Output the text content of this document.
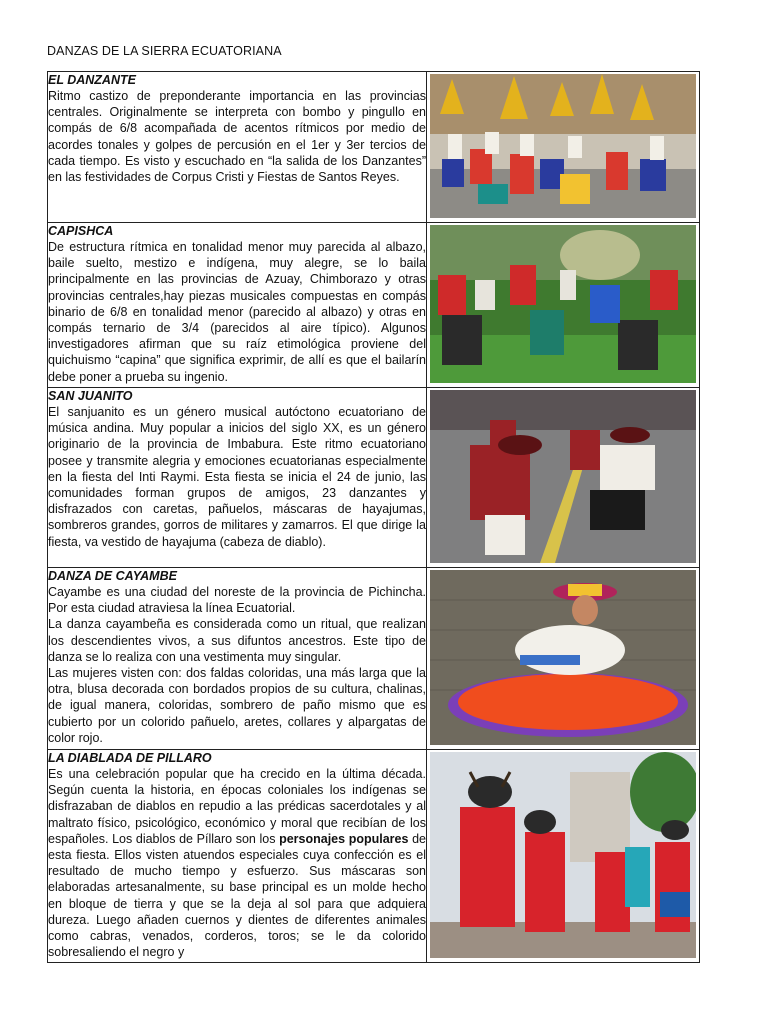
DANZAS DE LA SIERRA ECUATORIANA
EL DANZANTE

Ritmo castizo de preponderante importancia en las provincias centrales. Originalmente se interpreta con bombo y pingullo en compás de 6/8 acompañada de acentos rítmicos por medio de acordes tonales y golpes de percusión en el 1er y 3er tercios de cada tiempo. Es visto y escuchado en “la salida de los Danzantes” en las festividades de Corpus Cristi y Fiestas de Santos Reyes.

CAPISHCA

De estructura rítmica en tonalidad menor muy parecida al albazo, baile suelto, mestizo e indígena, muy alegre, se lo baila principalmente en las provincias de Azuay, Chimborazo y otras provincias centrales,hay piezas musicales compuestas en compás binario de 6/8 en tonalidad menor (parecido al albazo) y otras en compás ternario de 3/4 (parecidos al aire típico). Algunos investigadores afirman que su raíz etimológica proviene del quichuismo “capina” que significa exprimir, de allí es que el bailarín debe poner a prueba su ingenio.

SAN JUANITO

El sanjuanito es un género musical autóctono ecuatoriano de música andina. Muy popular a inicios del siglo XX, es un género originario de la provincia de Imbabura. Este ritmo ecuatoriano posee y transmite alegria y emociones ecuatorianas especialmente en la fiesta del Inti Raymi. Esta fiesta se inicia el 24 de junio, las comunidades forman grupos de amigos, 23 danzantes y disfrazados con caretas, pañuelos, máscaras de hayajumas, sombreros grandes, gorros de militares y zamarros. El que dirige la fiesta, va vestido de hayajuma (cabeza de diablo).

DANZA DE CAYAMBE

Cayambe es una ciudad del noreste de la provincia de Pichincha. Por esta ciudad atraviesa la línea Ecuatorial.

La danza cayambeña es considerada como un ritual, que realizan los descendientes vivos, a sus difuntos ancestros. Este tipo de danza se lo realiza con una vestimenta muy singular.

Las mujeres visten con: dos faldas coloridas, una más larga que la otra, blusa decorada con bordados propios de su cultura, chalinas, de igual manera, coloridas, sombrero de paño mismo que es cubierto por un colorido pañuelo, aretes, collares y alpargatas de color rojo.

LA DIABLADA DE PILLARO

Es una celebración popular que ha crecido en la última década. Según cuenta la historia, en épocas coloniales los indígenas se disfrazaban de diablos en repudio a las prédicas sacerdotales y al maltrato físico, psicológico, económico y moral que recibían de los españoles. Los diablos de Píllaro son los personajes populares de esta fiesta. Ellos visten atuendos especiales cuya confección es el resultado de mucho tiempo y esfuerzo. Sus máscaras son elaboradas artesanalmente, su base principal es un molde hecho en bloque de tierra y que se la deja al sol para que adquiera dureza. Luego añaden cuernos y dientes de diferentes animales como cabras, venados, corderos, toros; se le da colorido sobresaliendo el negro y
